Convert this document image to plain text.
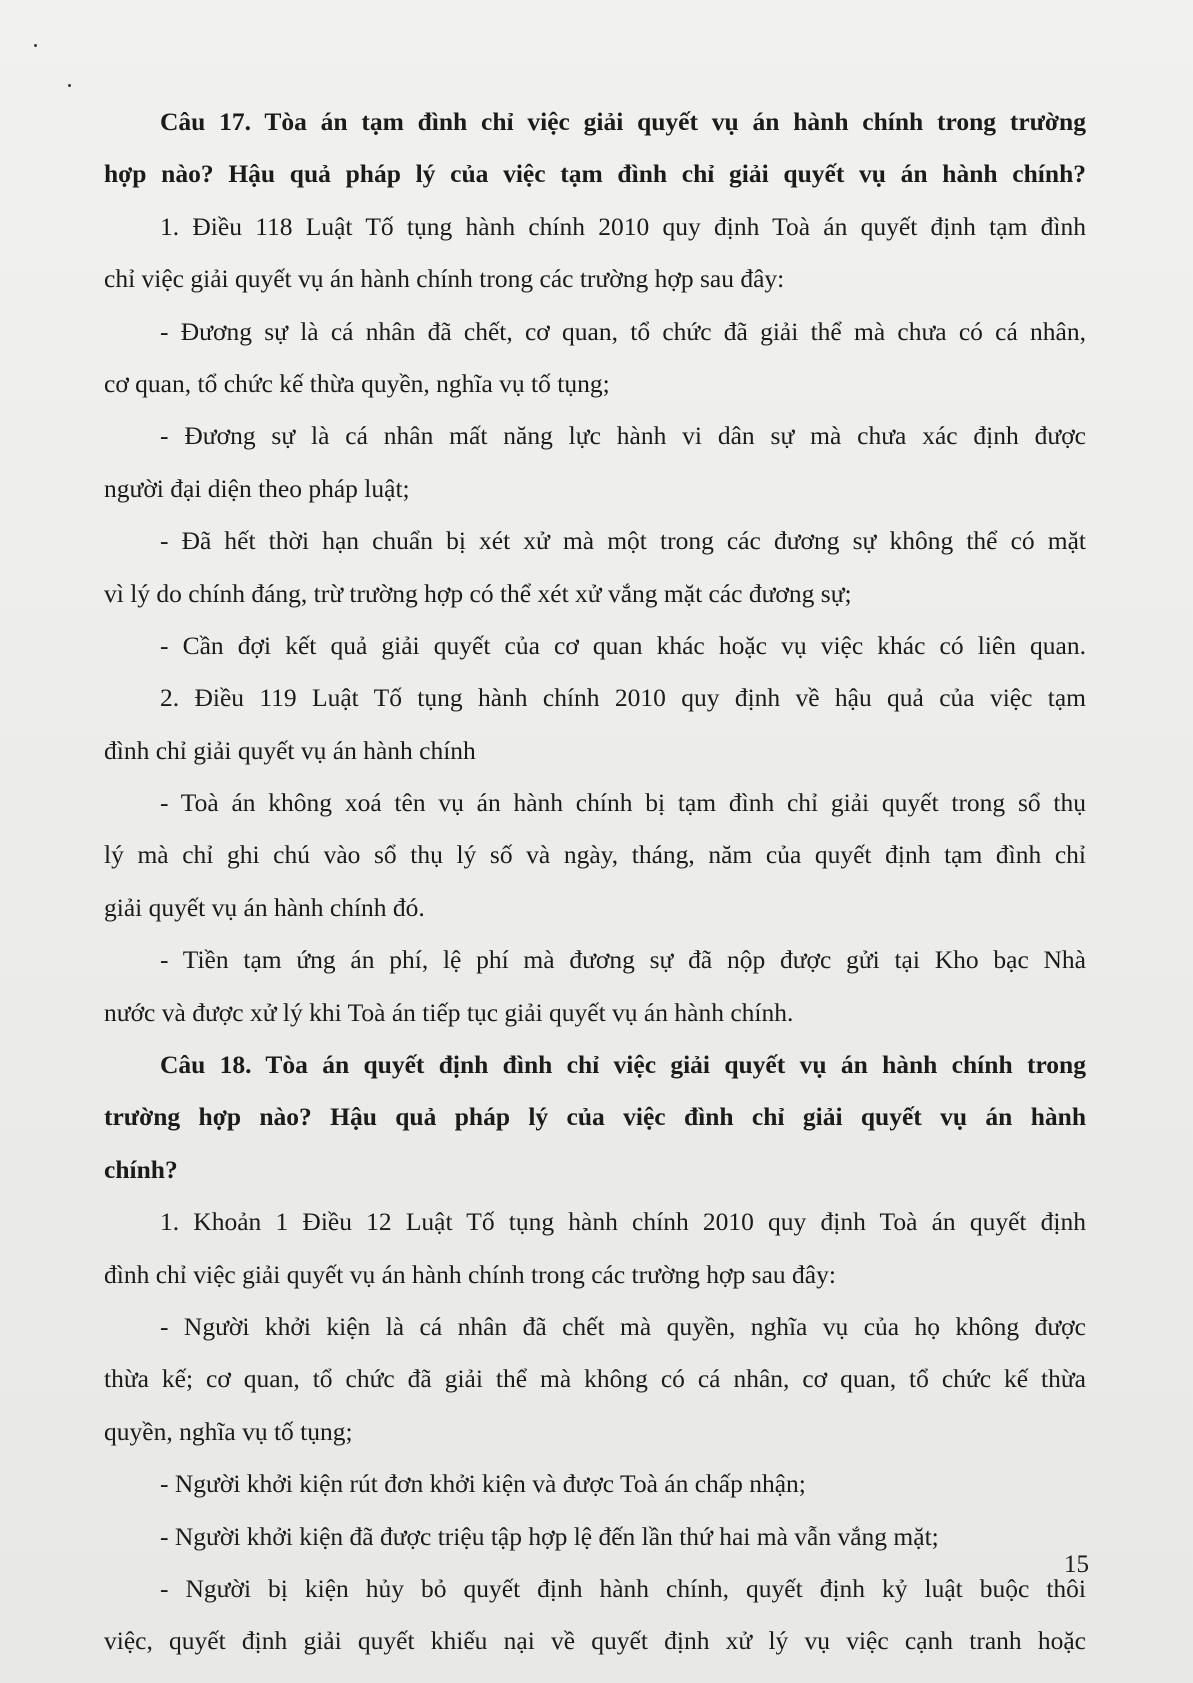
Câu 17. Tòa án tạm đình chỉ việc giải quyết vụ án hành chính trong trường
hợp nào? Hậu quả pháp lý của việc tạm đình chỉ giải quyết vụ án hành chính?
1. Điều 118 Luật Tố tụng hành chính 2010 quy định Toà án quyết định tạm đình
chỉ việc giải quyết vụ án hành chính trong các trường hợp sau đây:
- Đương sự là cá nhân đã chết, cơ quan, tổ chức đã giải thể mà chưa có cá nhân,
cơ quan, tổ chức kế thừa quyền, nghĩa vụ tố tụng;
- Đương sự là cá nhân mất năng lực hành vi dân sự mà chưa xác định được
người đại diện theo pháp luật;
- Đã hết thời hạn chuẩn bị xét xử mà một trong các đương sự không thể có mặt
vì lý do chính đáng, trừ trường hợp có thể xét xử vắng mặt các đương sự;
- Cần đợi kết quả giải quyết của cơ quan khác hoặc vụ việc khác có liên quan.
2. Điều 119 Luật Tố tụng hành chính 2010 quy định về hậu quả của việc tạm
đình chỉ giải quyết vụ án hành chính
- Toà án không xoá tên vụ án hành chính bị tạm đình chỉ giải quyết trong sổ thụ
lý mà chỉ ghi chú vào sổ thụ lý số và ngày, tháng, năm của quyết định tạm đình chỉ
giải quyết vụ án hành chính đó.
- Tiền tạm ứng án phí, lệ phí mà đương sự đã nộp được gửi tại Kho bạc Nhà
nước và được xử lý khi Toà án tiếp tục giải quyết vụ án hành chính.
Câu 18. Tòa án quyết định đình chỉ việc giải quyết vụ án hành chính trong
trường hợp nào? Hậu quả pháp lý của việc đình chỉ giải quyết vụ án hành
chính?
1. Khoản 1 Điều 12 Luật Tố tụng hành chính 2010 quy định Toà án quyết định
đình chỉ việc giải quyết vụ án hành chính trong các trường hợp sau đây:
- Người khởi kiện là cá nhân đã chết mà quyền, nghĩa vụ của họ không được
thừa kế; cơ quan, tổ chức đã giải thể mà không có cá nhân, cơ quan, tổ chức kế thừa
quyền, nghĩa vụ tố tụng;
- Người khởi kiện rút đơn khởi kiện và được Toà án chấp nhận;
- Người khởi kiện đã được triệu tập hợp lệ đến lần thứ hai mà vẫn vắng mặt;
- Người bị kiện hủy bỏ quyết định hành chính, quyết định kỷ luật buộc thôi
việc, quyết định giải quyết khiếu nại về quyết định xử lý vụ việc cạnh tranh hoặc
15
